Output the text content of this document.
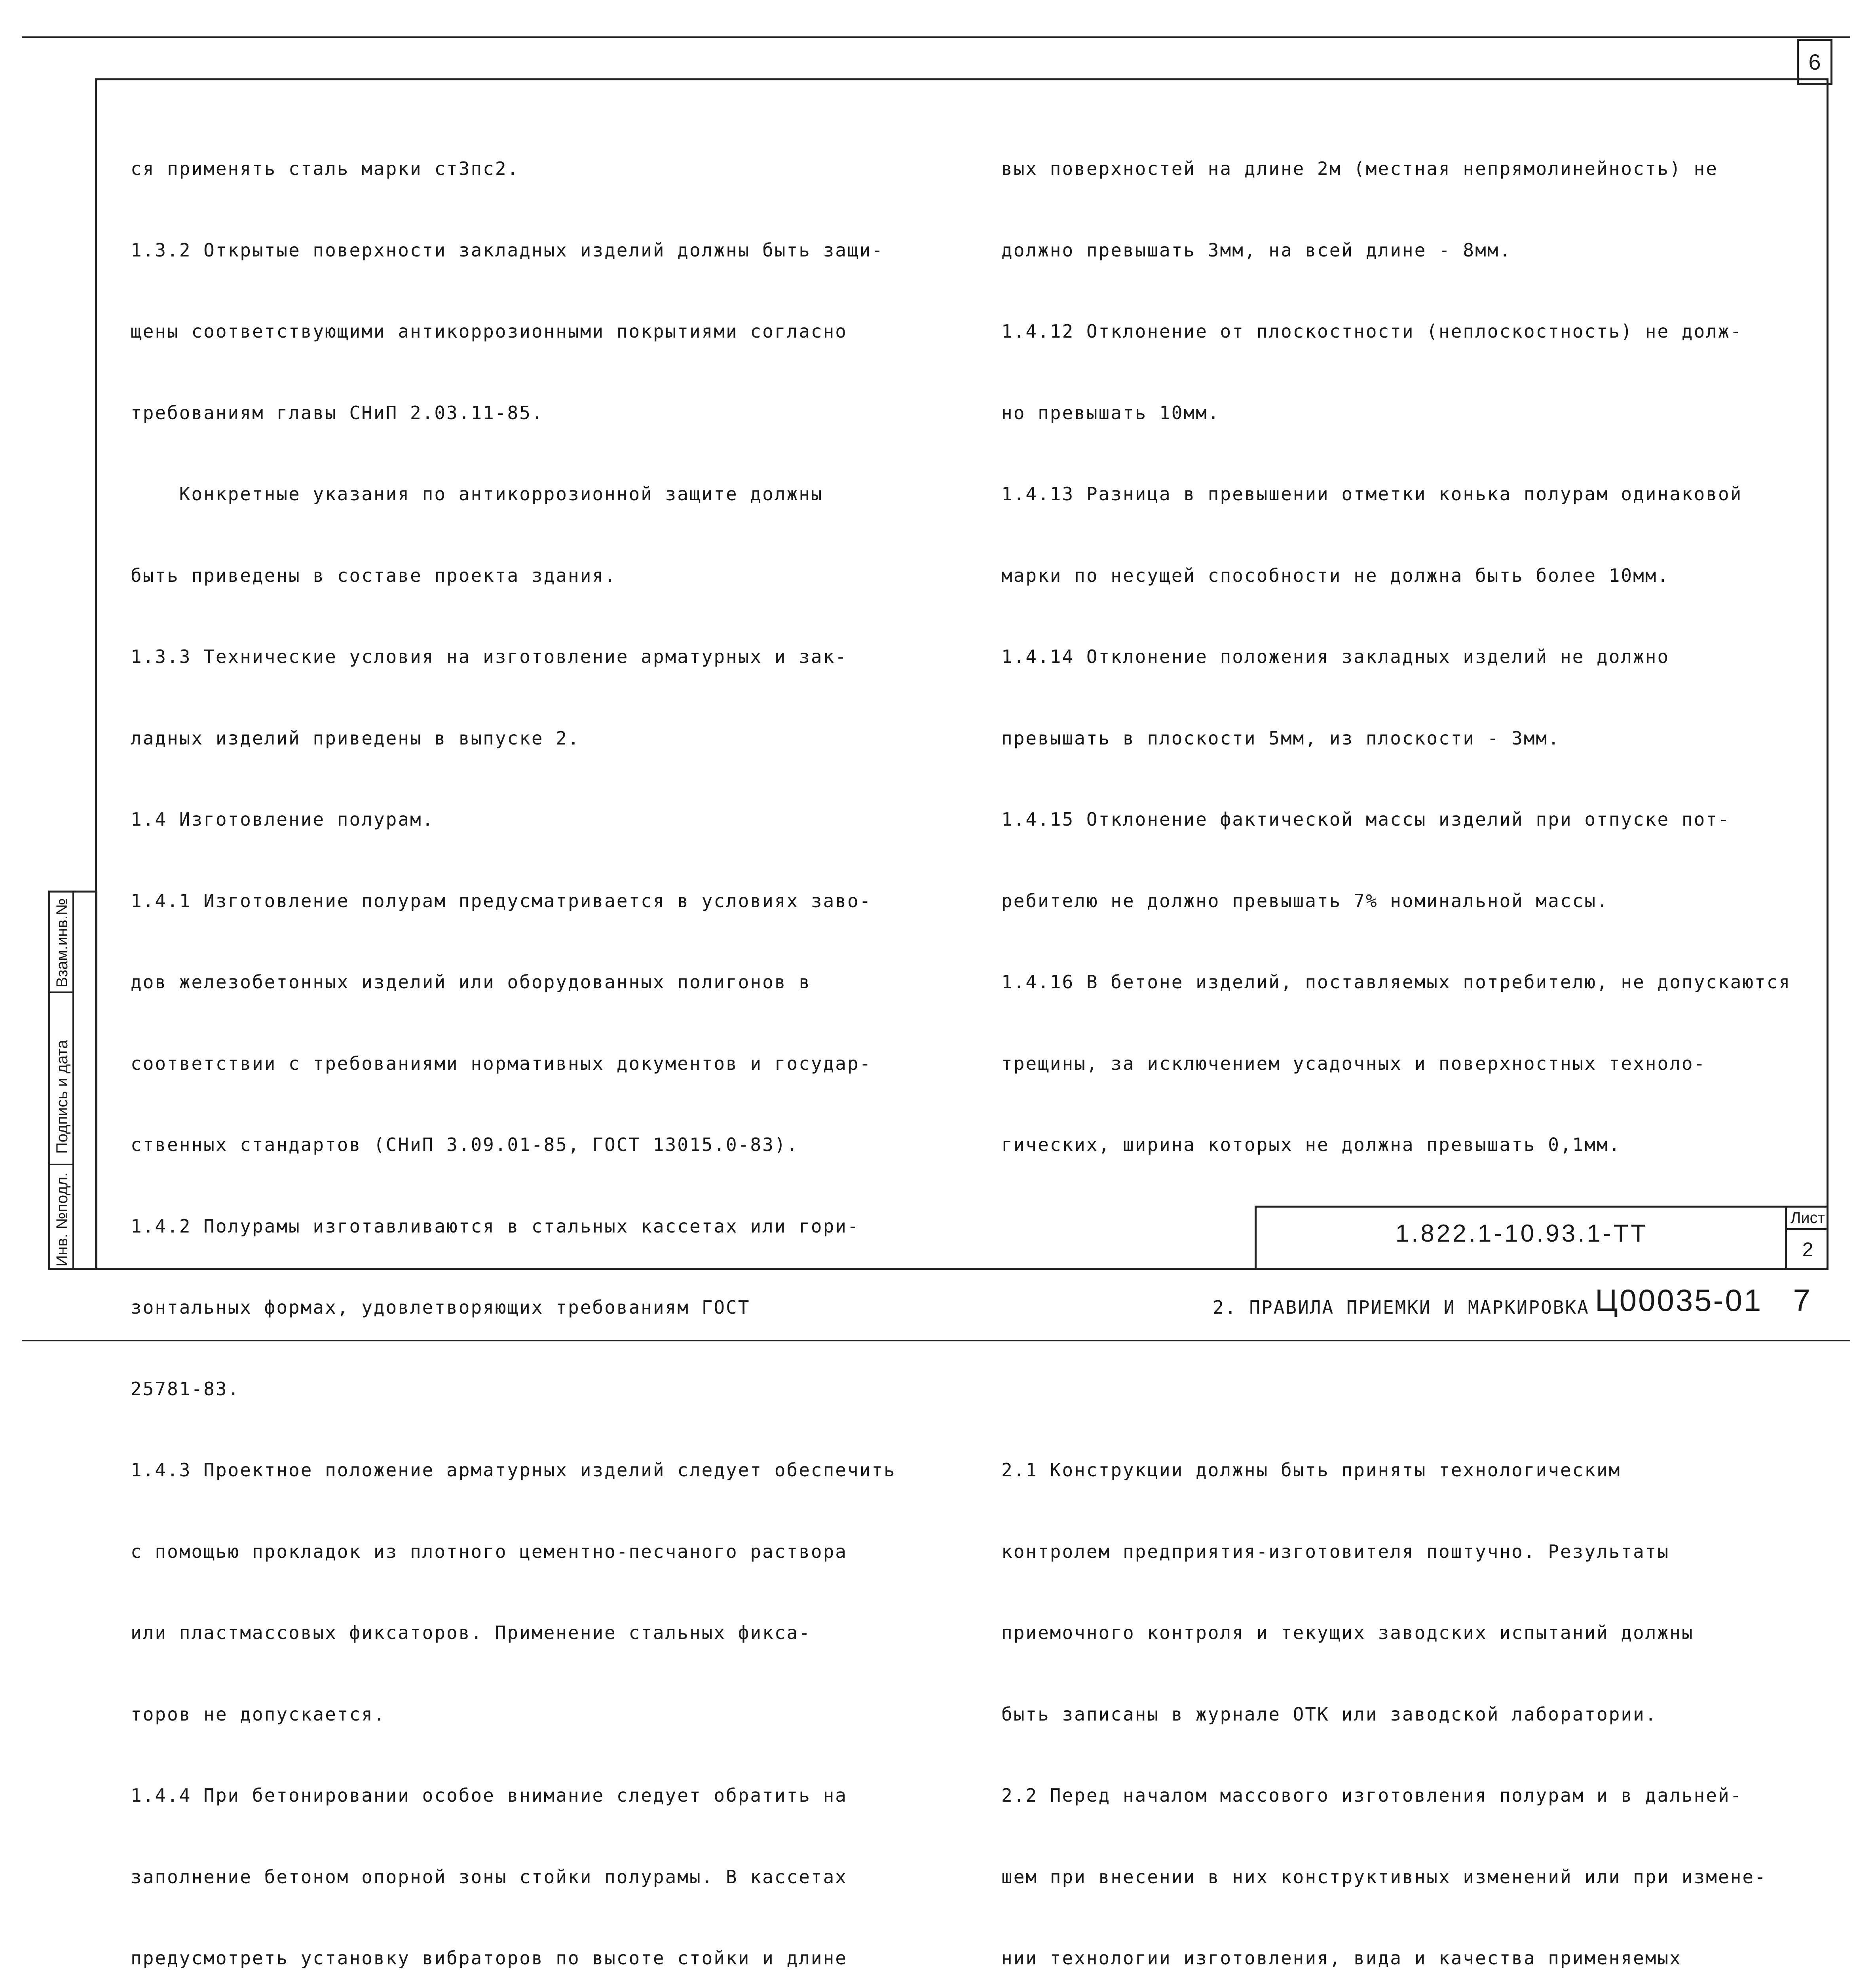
6
Инв. №подл.
Подпись и дата
Взам.инв.№

ся применять сталь марки ст3пс2.

1.3.2 Открытые поверхности закладных изделий должны быть защи-

щены соответствующими антикоррозионными покрытиями согласно

требованиям главы СНиП 2.03.11-85.

Конкретные указания по антикоррозионной защите должны

быть приведены в составе проекта здания.

1.3.3 Технические условия на изготовление арматурных и зак-

ладных изделий приведены в выпуске 2.

1.4 Изготовление полурам.

1.4.1 Изготовление полурам предусматривается в условиях заво-

дов железобетонных изделий или оборудованных полигонов в

соответствии с требованиями нормативных документов и государ-

ственных стандартов (СНиП 3.09.01-85, ГОСТ 13015.0-83).

1.4.2 Полурамы изготавливаются в стальных кассетах или гори-

зонтальных формах, удовлетворяющих требованиям ГОСТ

25781-83.

1.4.3 Проектное положение арматурных изделий следует обеспечить

с помощью прокладок из плотного цементно-песчаного раствора

или пластмассовых фиксаторов. Применение стальных фикса-

торов не допускается.

1.4.4 При бетонировании особое внимание следует обратить на

заполнение бетоном опорной зоны стойки полурамы. В кассетах

предусмотреть установку вибраторов по высоте стойки и длине

вых поверхностей на длине 2м (местная непрямолинейность) не

должно превышать 3мм, на всей длине - 8мм.

1.4.12 Отклонение от плоскостности (неплоскостность) не долж-

но превышать 10мм.

1.4.13 Разница в превышении отметки конька полурам одинаковой

марки по несущей способности не должна быть более 10мм.

1.4.14 Отклонение положения закладных изделий не должно

превышать в плоскости 5мм, из плоскости - 3мм.

1.4.15 Отклонение фактической массы изделий при отпуске пот-

ребителю не должно превышать 7% номинальной массы.

1.4.16 В бетоне изделий, поставляемых потребителю, не допускаются

трещины, за исключением усадочных и поверхностных техноло-

гических, ширина которых не должна превышать 0,1мм.

2. ПРАВИЛА ПРИЕМКИ И МАРКИРОВКА

2.1 Конструкции должны быть приняты технологическим

контролем предприятия-изготовителя поштучно. Результаты

приемочного контроля и текущих заводских испытаний должны

быть записаны в журнале ОТК или заводской лаборатории.

2.2 Перед началом массового изготовления полурам и в дальней-

шем при внесении в них конструктивных изменений или при измене-

нии технологии изготовления, вида и качества применяемых

1.822.1-10.93.1-ТТ
Лист
2
Ц00035-01   7
